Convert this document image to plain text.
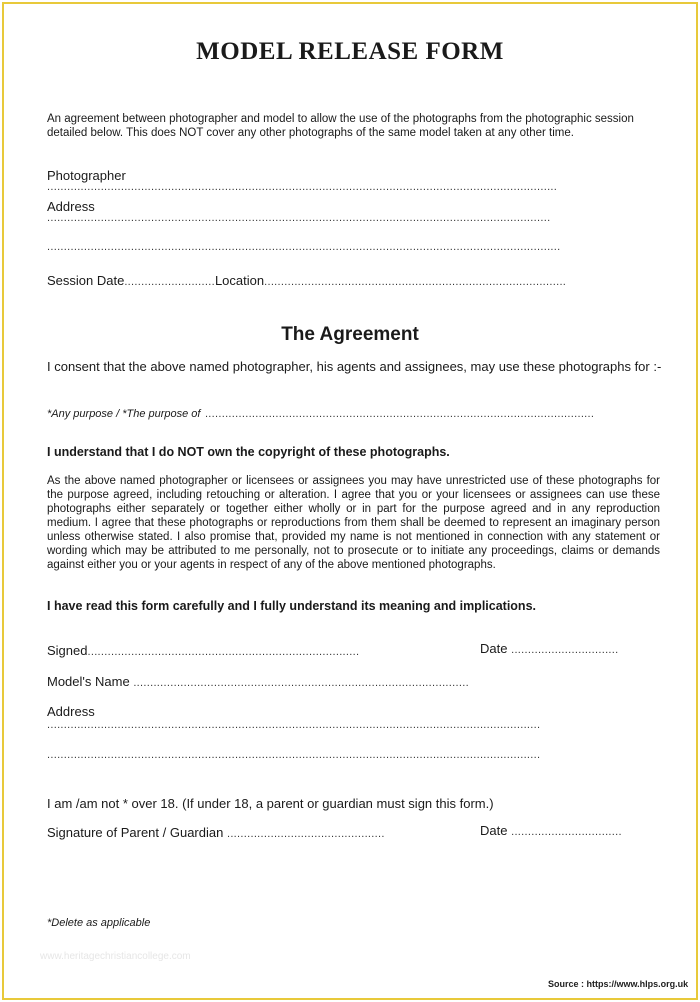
MODEL RELEASE FORM
An agreement between photographer and model to allow the use of the photographs from the photographic session detailed below. This does NOT cover any other photographs of the same model taken at any other time.
Photographer
........................................................................................................................................................
Address
......................................................................................................................................................
.........................................................................................................................................................
Session Date...........................Location..........................................................................................
The Agreement
I consent that the above named photographer, his agents and assignees, may use these photographs for :-
*Any purpose / *The purpose of ....................................................................................................................
I understand that I do NOT own the copyright of these photographs.
As the above named photographer or licensees or assignees you may have unrestricted use of these photographs for the purpose agreed, including retouching or alteration. I agree that you or your licensees or assignees can use these photographs either separately or together either wholly or in part for the purpose agreed and in any reproduction medium. I agree that these photographs or reproductions from them shall be deemed to represent an imaginary person unless otherwise stated. I also promise that, provided my name is not mentioned in connection with any statement or wording which may be attributed to me personally, not to prosecute or to initiate any proceedings, claims or demands against either you or your agents in respect of any of the above mentioned photographs.
I have read this form carefully and I fully understand its meaning and implications.
Signed.................................................................................	Date ................................
Model's Name ....................................................................................................
Address
...................................................................................................................................................
...................................................................................................................................................
I am /am not * over 18. (If under 18, a parent or guardian must sign this form.)
Signature of Parent / Guardian ...............................................	Date .................................
*Delete as applicable
www.heritagechristiancollege.com
Source : https://www.hlps.org.uk
